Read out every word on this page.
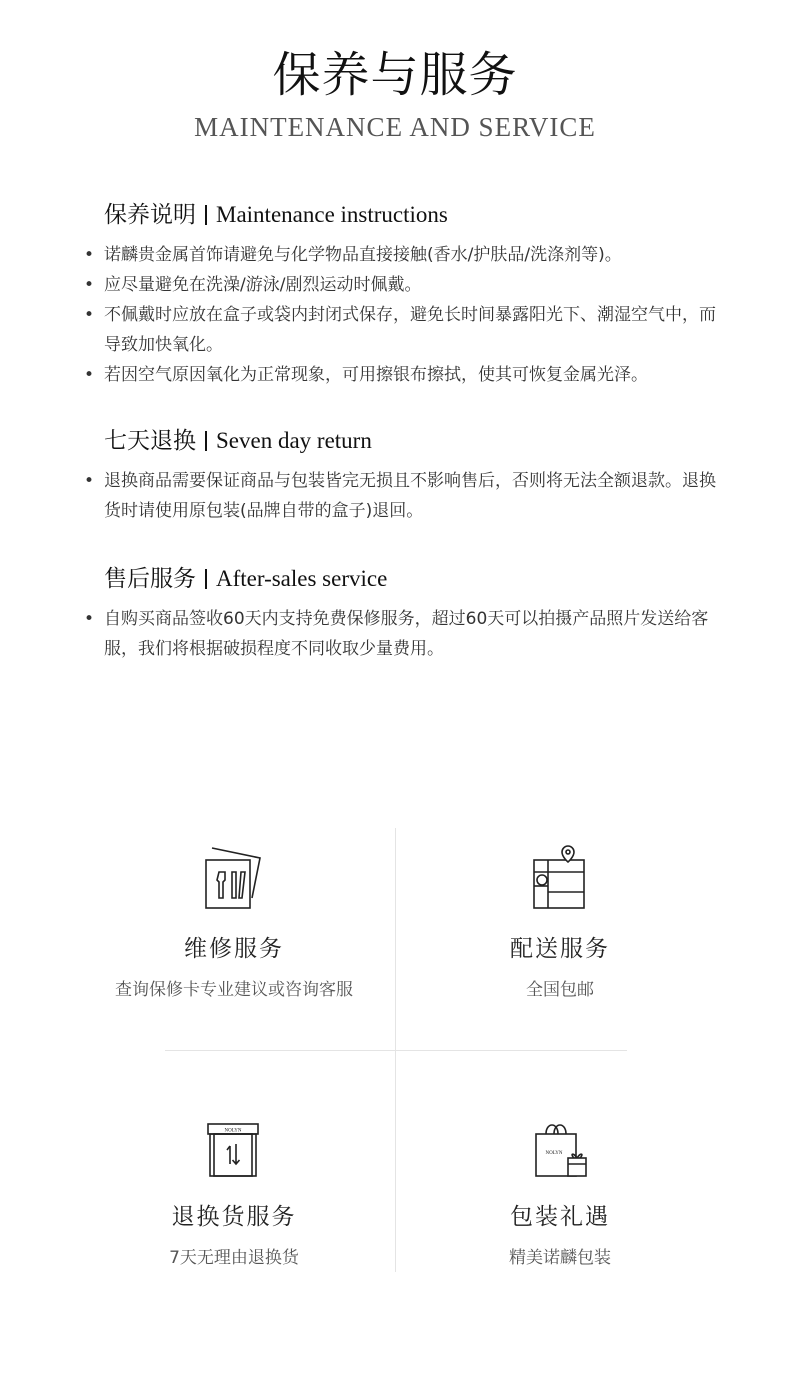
保养与服务
MAINTENANCE AND SERVICE
保养说明 Maintenance instructions
• 诺麟贵金属首饰请避免与化学物品直接接触(香水/护肤品/洗涤剂等)。
• 应尽量避免在洗澡/游泳/剧烈运动时佩戴。
• 不佩戴时应放在盒子或袋内封闭式保存，避免长时间暴露阳光下、潮湿空气中，而导致加快氧化。
• 若因空气原因氧化为正常现象，可用擦银布擦拭，使其可恢复金属光泽。
七天退换 Seven day return
• 退换商品需要保证商品与包装皆完无损且不影响售后，否则将无法全额退款。退换货时请使用原包装(品牌自带的盒子)退回。
售后服务 After-sales service
• 自购买商品签收60天内支持免费保修服务，超过60天可以拍摄产品照片发送给客服，我们将根据破损程度不同收取少量费用。
维修服务
查询保修卡专业建议或咨询客服
配送服务
全国包邮
NOLYN
退换货服务
7天无理由退换货
NOLYN
包装礼遇
精美诺麟包装
